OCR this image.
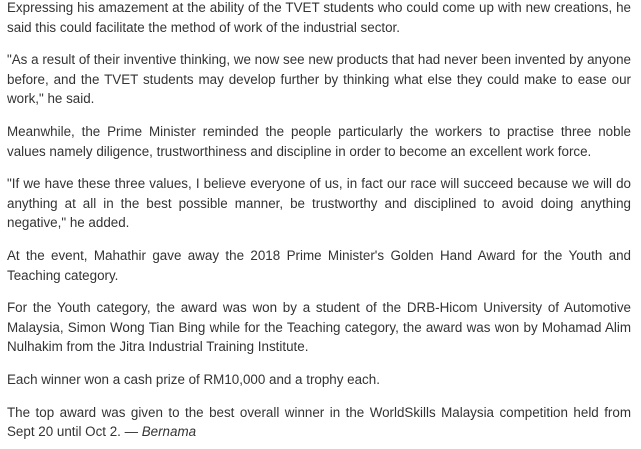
Expressing his amazement at the ability of the TVET students who could come up with new creations, he said this could facilitate the method of work of the industrial sector.

"As a result of their inventive thinking, we now see new products that had never been invented by anyone before, and the TVET students may develop further by thinking what else they could make to ease our work," he said.

Meanwhile, the Prime Minister reminded the people particularly the workers to practise three noble values namely diligence, trustworthiness and discipline in order to become an excellent work force.

"If we have these three values, I believe everyone of us, in fact our race will succeed because we will do anything at all in the best possible manner, be trustworthy and disciplined to avoid doing anything negative," he added.

At the event, Mahathir gave away the 2018 Prime Minister's Golden Hand Award for the Youth and Teaching category.

For the Youth category, the award was won by a student of the DRB-Hicom University of Automotive Malaysia, Simon Wong Tian Bing while for the Teaching category, the award was won by Mohamad Alim Nulhakim from the Jitra Industrial Training Institute.

Each winner won a cash prize of RM10,000 and a trophy each.

The top award was given to the best overall winner in the WorldSkills Malaysia competition held from Sept 20 until Oct 2. — Bernama
